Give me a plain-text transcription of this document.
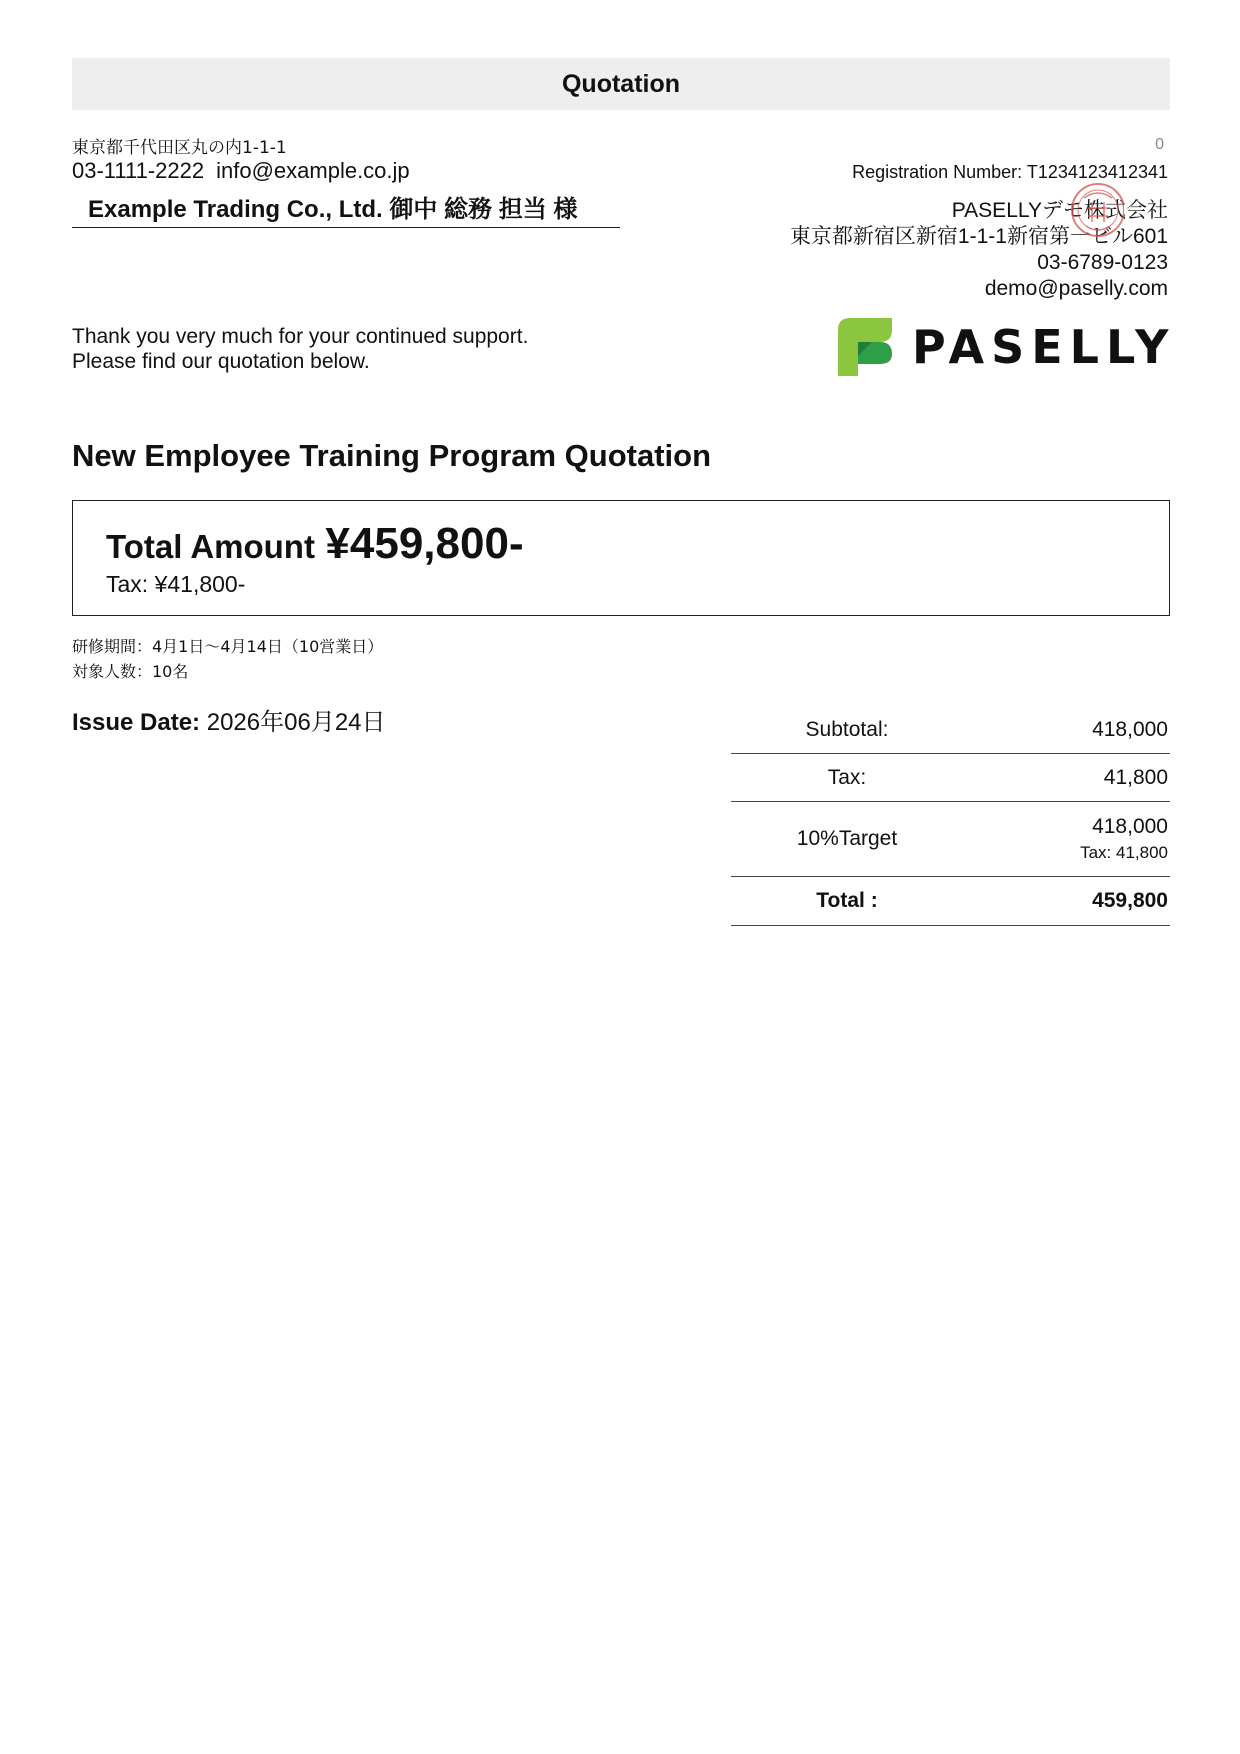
Quotation
東京都千代田区丸の内1-1-1
03-1111-2222 info@example.co.jp
Example Trading Co., Ltd. 御中 総務 担当 様
0
Registration Number: T1234123412341
PASELLYデモ株式会社
東京都新宿区新宿1-1-1新宿第一ビル601
03-6789-0123
demo@paselly.com
PASELLY
Thank you very much for your continued support.
Please find our quotation below.
New Employee Training Program Quotation
Total Amount ¥459,800-
Tax: ¥41,800-
研修期間：4月1日〜4月14日（10営業日）
対象人数：10名
Issue Date: 2026年06月24日	Subtotal:	418,000
Tax:	41,800
10%Target	418,000
Tax: 41,800

Total :	459,800
